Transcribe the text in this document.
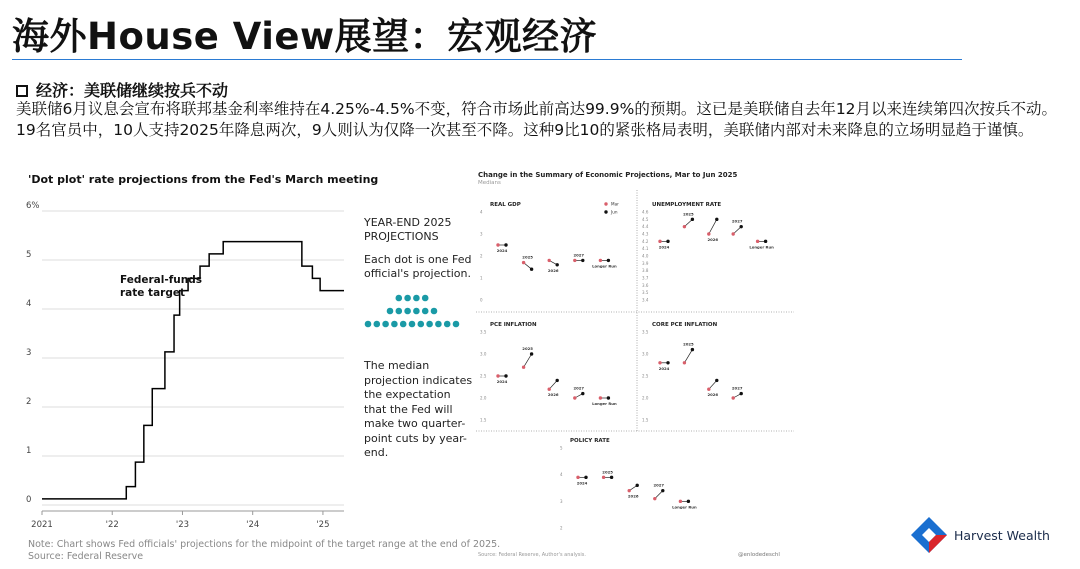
海外House View展望：宏观经济
经济：美联储继续按兵不动
美联储6月议息会宣布将联邦基金利率维持在4.25%-4.5%不变，符合市场此前高达99.9%的预期。这已是美联储自去年12月以来连续第四次按兵不动。19名官员中，10人支持2025年降息两次，9人则认为仅降一次甚至不降。这种9比10的紧张格局表明，美联储内部对未来降息的立场明显趋于谨慎。
'Dot plot' rate projections from the Fed's March meeting
6%
5
4
3
2
1
0
2021	'22	'23	'24	'25
Federal-funds rate target
Note: Chart shows Fed officials' projections for the midpoint of the target range at the end of 2025.
Source: Federal Reserve
YEAR-END 2025 PROJECTIONS
Each dot is one Fed official's projection.
The median projection indicates the expectation that the Fed will make two quarter-point cuts by year-end.
Change in the Summary of Economic Projections, Mar to Jun 2025
Medians
REAL GDP
4
3
2
1
0
2024
2025
2026
2027
Longer Run
UNEMPLOYMENT RATE
4.6
4.5
4.4
4.3
4.2
4.1
4.0
3.9
3.8
3.7
3.6
3.5
3.4
2024
2025
2026
2027
Longer Run
PCE INFLATION
3.5
3.0
2.5
2.0
1.5
2024
2025
2026
2027
Longer Run
CORE PCE INFLATION
3.5
3.0
2.5
2.0
1.5
2024
2025
2026
2027
POLICY RATE
5
4
3
2
2024
2025
2026
2027
Longer Run
Mar
Jun
Source: Federal Reserve, Author's analysis.	@enlodedeschl
Harvest Wealth
